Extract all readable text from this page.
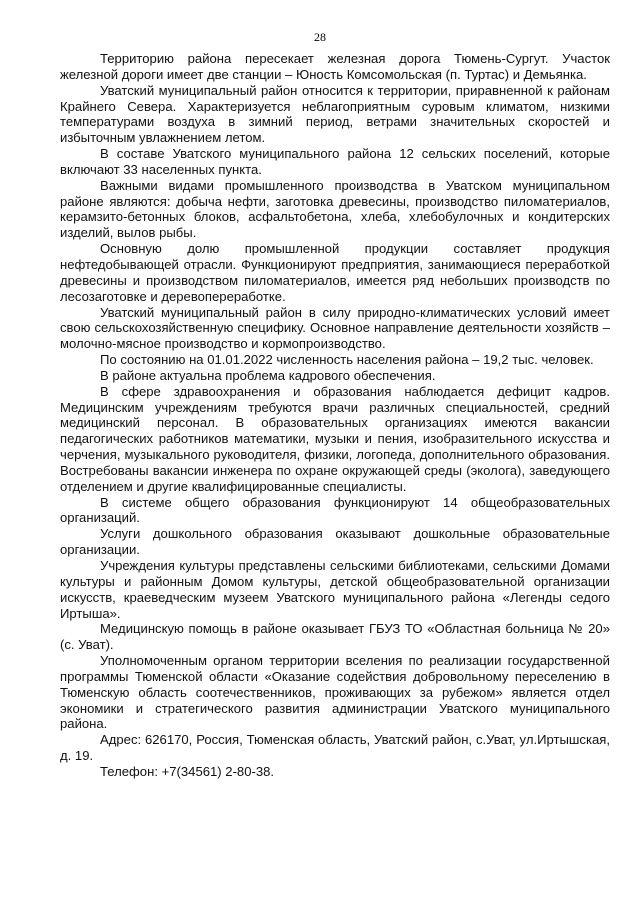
28

Территорию района пересекает железная дорога Тюмень-Сургут. Участок железной дороги имеет две станции – Юность Комсомольская (п. Туртас) и Демьянка.

Уватский муниципальный район относится к территории, приравненной к районам Крайнего Севера. Характеризуется неблагоприятным суровым климатом, низкими температурами воздуха в зимний период, ветрами значительных скоростей и избыточным увлажнением летом.

В составе Уватского муниципального района 12 сельских поселений, которые включают 33 населенных пункта.

Важными видами промышленного производства в Уватском муниципальном районе являются: добыча нефти, заготовка древесины, производство пиломатериалов, керамзито-бетонных блоков, асфальтобетона, хлеба, хлебобулочных и кондитерских изделий, вылов рыбы.

Основную долю промышленной продукции составляет продукция нефтедобывающей отрасли. Функционируют предприятия, занимающиеся переработкой древесины и производством пиломатериалов, имеется ряд небольших производств по лесозаготовке и деревопереработке.

Уватский муниципальный район в силу природно-климатических условий имеет свою сельскохозяйственную специфику. Основное направление деятельности хозяйств – молочно-мясное производство и кормопроизводство.

По состоянию на 01.01.2022 численность населения района – 19,2 тыс. человек.

В районе актуальна проблема кадрового обеспечения.

В сфере здравоохранения и образования наблюдается дефицит кадров. Медицинским учреждениям требуются врачи различных специальностей, средний медицинский персонал. В образовательных организациях имеются вакансии педагогических работников математики, музыки и пения, изобразительного искусства и черчения, музыкального руководителя, физики, логопеда, дополнительного образования. Востребованы вакансии инженера по охране окружающей среды (эколога), заведующего отделением и другие квалифицированные специалисты.

В системе общего образования функционируют 14 общеобразовательных организаций.

Услуги дошкольного образования оказывают дошкольные образовательные организации.

Учреждения культуры представлены сельскими библиотеками, сельскими Домами культуры и районным Домом культуры, детской общеобразовательной организации искусств, краеведческим музеем Уватского муниципального района «Легенды седого Иртыша».

Медицинскую помощь в районе оказывает ГБУЗ ТО «Областная больница № 20» (с. Уват).

Уполномоченным органом территории вселения по реализации государственной программы Тюменской области «Оказание содействия добровольному переселению в Тюменскую область соотечественников, проживающих за рубежом» является отдел экономики и стратегического развития администрации Уватского муниципального района.

Адрес: 626170, Россия, Тюменская область, Уватский район, с.Уват, ул.Иртышская, д. 19.

Телефон: +7(34561) 2-80-38.
